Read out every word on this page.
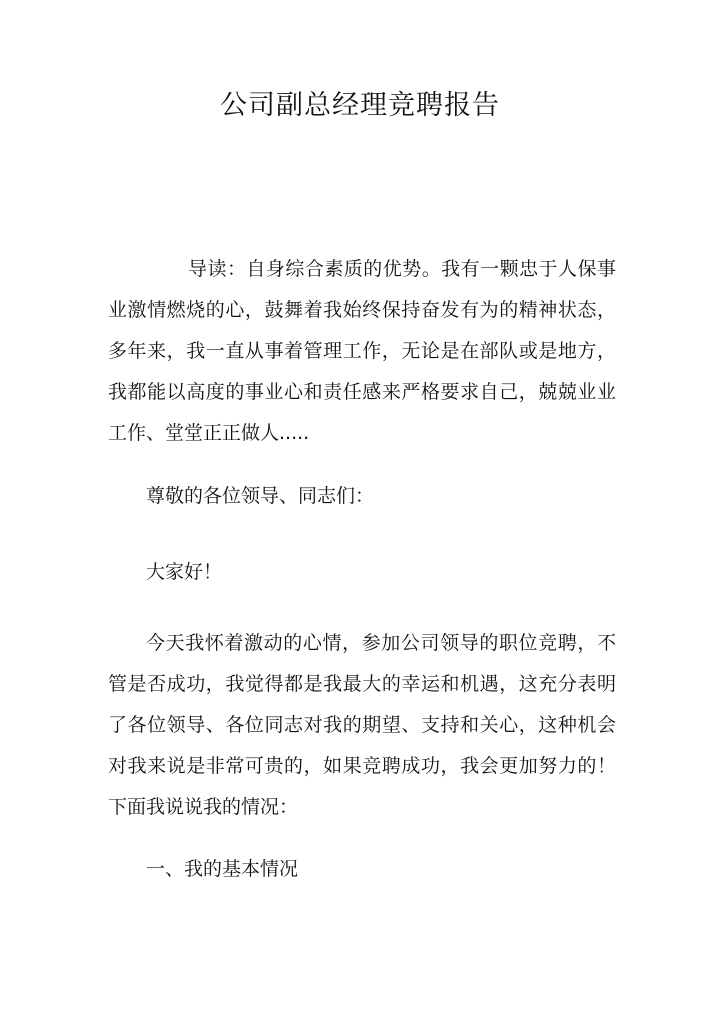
公司副总经理竞聘报告

导读：自身综合素质的优势。我有一颗忠于人保事业激情燃烧的心，鼓舞着我始终保持奋发有为的精神状态，多年来，我一直从事着管理工作，无论是在部队或是地方，我都能以高度的事业心和责任感来严格要求自己，兢兢业业工作、堂堂正正做人.....

尊敬的各位领导、同志们：

大家好！

今天我怀着激动的心情，参加公司领导的职位竞聘，不管是否成功，我觉得都是我最大的幸运和机遇，这充分表明了各位领导、各位同志对我的期望、支持和关心，这种机会对我来说是非常可贵的，如果竞聘成功，我会更加努力的！下面我说说我的情况：

一、我的基本情况
